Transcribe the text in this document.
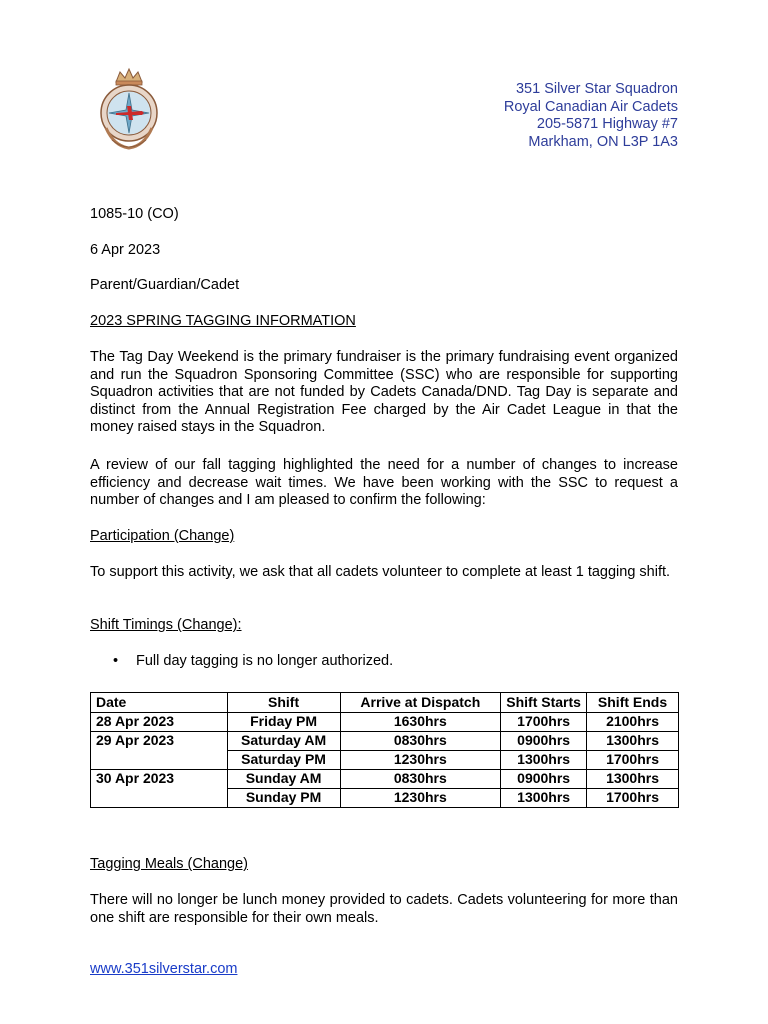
351 Silver Star Squadron
Royal Canadian Air Cadets
205-5871 Highway #7
Markham, ON L3P 1A3
1085-10 (CO)
6 Apr 2023
Parent/Guardian/Cadet
2023 SPRING TAGGING INFORMATION
The Tag Day Weekend is the primary fundraiser is the primary fundraising event organized and run the Squadron Sponsoring Committee (SSC) who are responsible for supporting Squadron activities that are not funded by Cadets Canada/DND. Tag Day is separate and distinct from the Annual Registration Fee charged by the Air Cadet League in that the money raised stays in the Squadron.
A review of our fall tagging highlighted the need for a number of changes to increase efficiency and decrease wait times. We have been working with the SSC to request a number of changes and I am pleased to confirm the following:
Participation (Change)
To support this activity, we ask that all cadets volunteer to complete at least 1 tagging shift.
Shift Timings (Change):
• Full day tagging is no longer authorized.
Date	Shift	Arrive at Dispatch	Shift Starts	Shift Ends
28 Apr 2023	Friday PM	1630hrs	1700hrs	2100hrs
29 Apr 2023	Saturday AM	0830hrs	0900hrs	1300hrs
	Saturday PM	1230hrs	1300hrs	1700hrs
30 Apr 2023	Sunday AM	0830hrs	0900hrs	1300hrs
	Sunday PM	1230hrs	1300hrs	1700hrs
Tagging Meals (Change)
There will no longer be lunch money provided to cadets. Cadets volunteering for more than one shift are responsible for their own meals.
www.351silverstar.com
